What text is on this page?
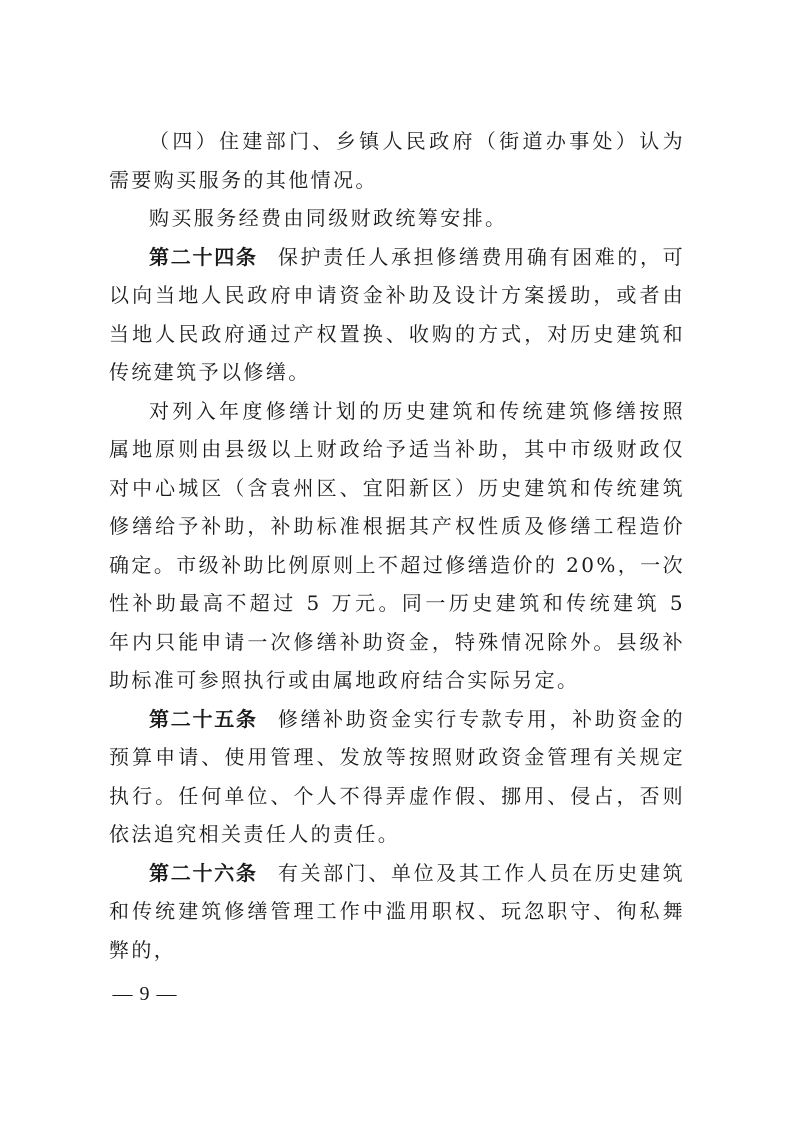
（四）住建部门、乡镇人民政府（街道办事处）认为需要购买服务的其他情况。

购买服务经费由同级财政统筹安排。

第二十四条 保护责任人承担修缮费用确有困难的，可以向当地人民政府申请资金补助及设计方案援助，或者由当地人民政府通过产权置换、收购的方式，对历史建筑和传统建筑予以修缮。

对列入年度修缮计划的历史建筑和传统建筑修缮按照属地原则由县级以上财政给予适当补助，其中市级财政仅对中心城区（含袁州区、宜阳新区）历史建筑和传统建筑修缮给予补助，补助标准根据其产权性质及修缮工程造价确定。市级补助比例原则上不超过修缮造价的 20%，一次性补助最高不超过 5 万元。同一历史建筑和传统建筑 5 年内只能申请一次修缮补助资金，特殊情况除外。县级补助标准可参照执行或由属地政府结合实际另定。

第二十五条 修缮补助资金实行专款专用，补助资金的预算申请、使用管理、发放等按照财政资金管理有关规定执行。任何单位、个人不得弄虚作假、挪用、侵占，否则依法追究相关责任人的责任。

第二十六条 有关部门、单位及其工作人员在历史建筑和传统建筑修缮管理工作中滥用职权、玩忽职守、徇私舞弊的，

— 9 —
